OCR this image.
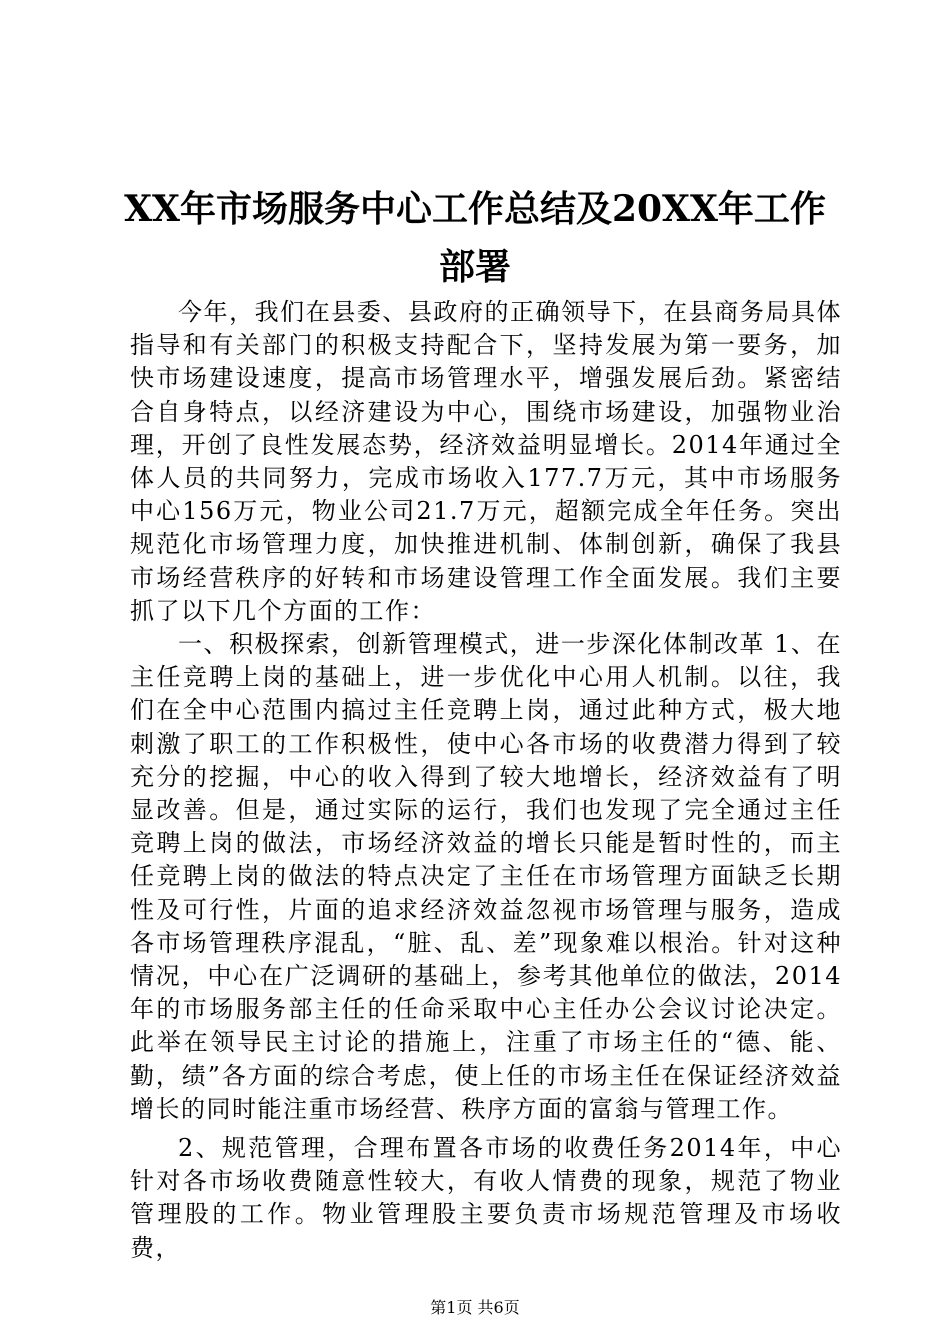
XX年市场服务中心工作总结及20XX年工作部署

今年，我们在县委、县政府的正确领导下，在县商务局具体指导和有关部门的积极支持配合下，坚持发展为第一要务，加快市场建设速度，提高市场管理水平，增强发展后劲。紧密结合自身特点，以经济建设为中心，围绕市场建设，加强物业治理，开创了良性发展态势，经济效益明显增长。2014年通过全体人员的共同努力，完成市场收入177.7万元，其中市场服务中心156万元，物业公司21.7万元，超额完成全年任务。突出规范化市场管理力度，加快推进机制、体制创新，确保了我县市场经营秩序的好转和市场建设管理工作全面发展。我们主要抓了以下几个方面的工作：

一、积极探索，创新管理模式，进一步深化体制改革 1、在主任竞聘上岗的基础上，进一步优化中心用人机制。以往，我们在全中心范围内搞过主任竞聘上岗，通过此种方式，极大地刺激了职工的工作积极性，使中心各市场的收费潜力得到了较充分的挖掘，中心的收入得到了较大地增长，经济效益有了明显改善。但是，通过实际的运行，我们也发现了完全通过主任竞聘上岗的做法，市场经济效益的增长只能是暂时性的，而主任竞聘上岗的做法的特点决定了主任在市场管理方面缺乏长期性及可行性，片面的追求经济效益忽视市场管理与服务，造成各市场管理秩序混乱，“脏、乱、差”现象难以根治。针对这种情况，中心在广泛调研的基础上，参考其他单位的做法，2014年的市场服务部主任的任命采取中心主任办公会议讨论决定。此举在领导民主讨论的措施上，注重了市场主任的“德、能、勤，绩”各方面的综合考虑，使上任的市场主任在保证经济效益增长的同时能注重市场经营、秩序方面的富翁与管理工作。

2、规范管理，合理布置各市场的收费任务2014年，中心针对各市场收费随意性较大，有收人情费的现象，规范了物业管理股的工作。物业管理股主要负责市场规范管理及市场收费，

第1页 共6页
